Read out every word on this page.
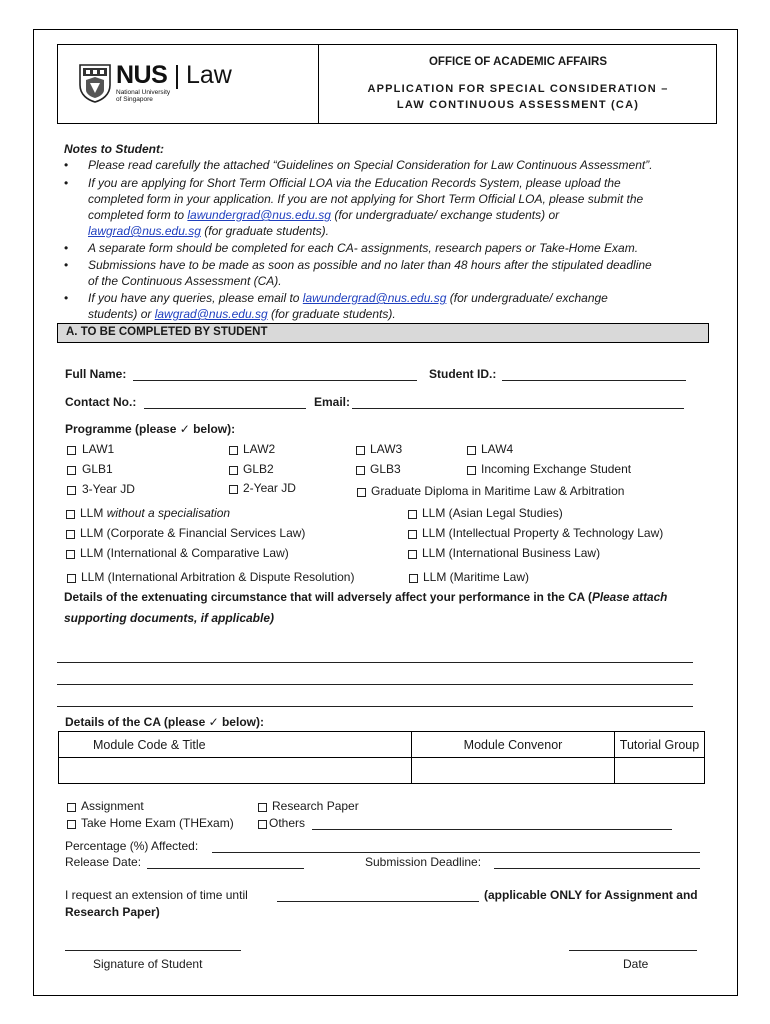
NUS Law
National University
of Singapore
OFFICE OF ACADEMIC AFFAIRS
APPLICATION FOR SPECIAL CONSIDERATION –
LAW CONTINUOUS ASSESSMENT (CA)
Notes to Student:
• Please read carefully the attached “Guidelines on Special Consideration for Law Continuous Assessment”.
• If you are applying for Short Term Official LOA via the Education Records System, please upload the
completed form in your application. If you are not applying for Short Term Official LOA, please submit the
completed form to lawundergrad@nus.edu.sg (for undergraduate/ exchange students) or
lawgrad@nus.edu.sg (for graduate students).
• A separate form should be completed for each CA- assignments, research papers or Take-Home Exam.
• Submissions have to be made as soon as possible and no later than 48 hours after the stipulated deadline
of the Continuous Assessment (CA).
• If you have any queries, please email to lawundergrad@nus.edu.sg (for undergraduate/ exchange
students) or lawgrad@nus.edu.sg (for graduate students).
A. TO BE COMPLETED BY STUDENT
Full Name:	Student ID.:
Contact No.:	Email:
Programme (please ✓ below):
LAW1	LAW2	LAW3	LAW4
GLB1	GLB2	GLB3	Incoming Exchange Student
3-Year JD	2-Year JD	Graduate Diploma in Maritime Law & Arbitration
LLM without a specialisation	LLM (Asian Legal Studies)
LLM (Corporate & Financial Services Law)	LLM (Intellectual Property & Technology Law)
LLM (International & Comparative Law)	LLM (International Business Law)
LLM (International Arbitration & Dispute Resolution)	LLM (Maritime Law)
Details of the extenuating circumstance that will adversely affect your performance in the CA (Please attach
supporting documents, if applicable)
Details of the CA (please ✓ below):
Module Code & Title	Module Convenor	Tutorial Group

Assignment	Research Paper
Take Home Exam (THExam)	Others
Percentage (%) Affected:
Release Date:	Submission Deadline:
I request an extension of time until	(applicable ONLY for Assignment and
Research Paper)
Signature of Student	Date
